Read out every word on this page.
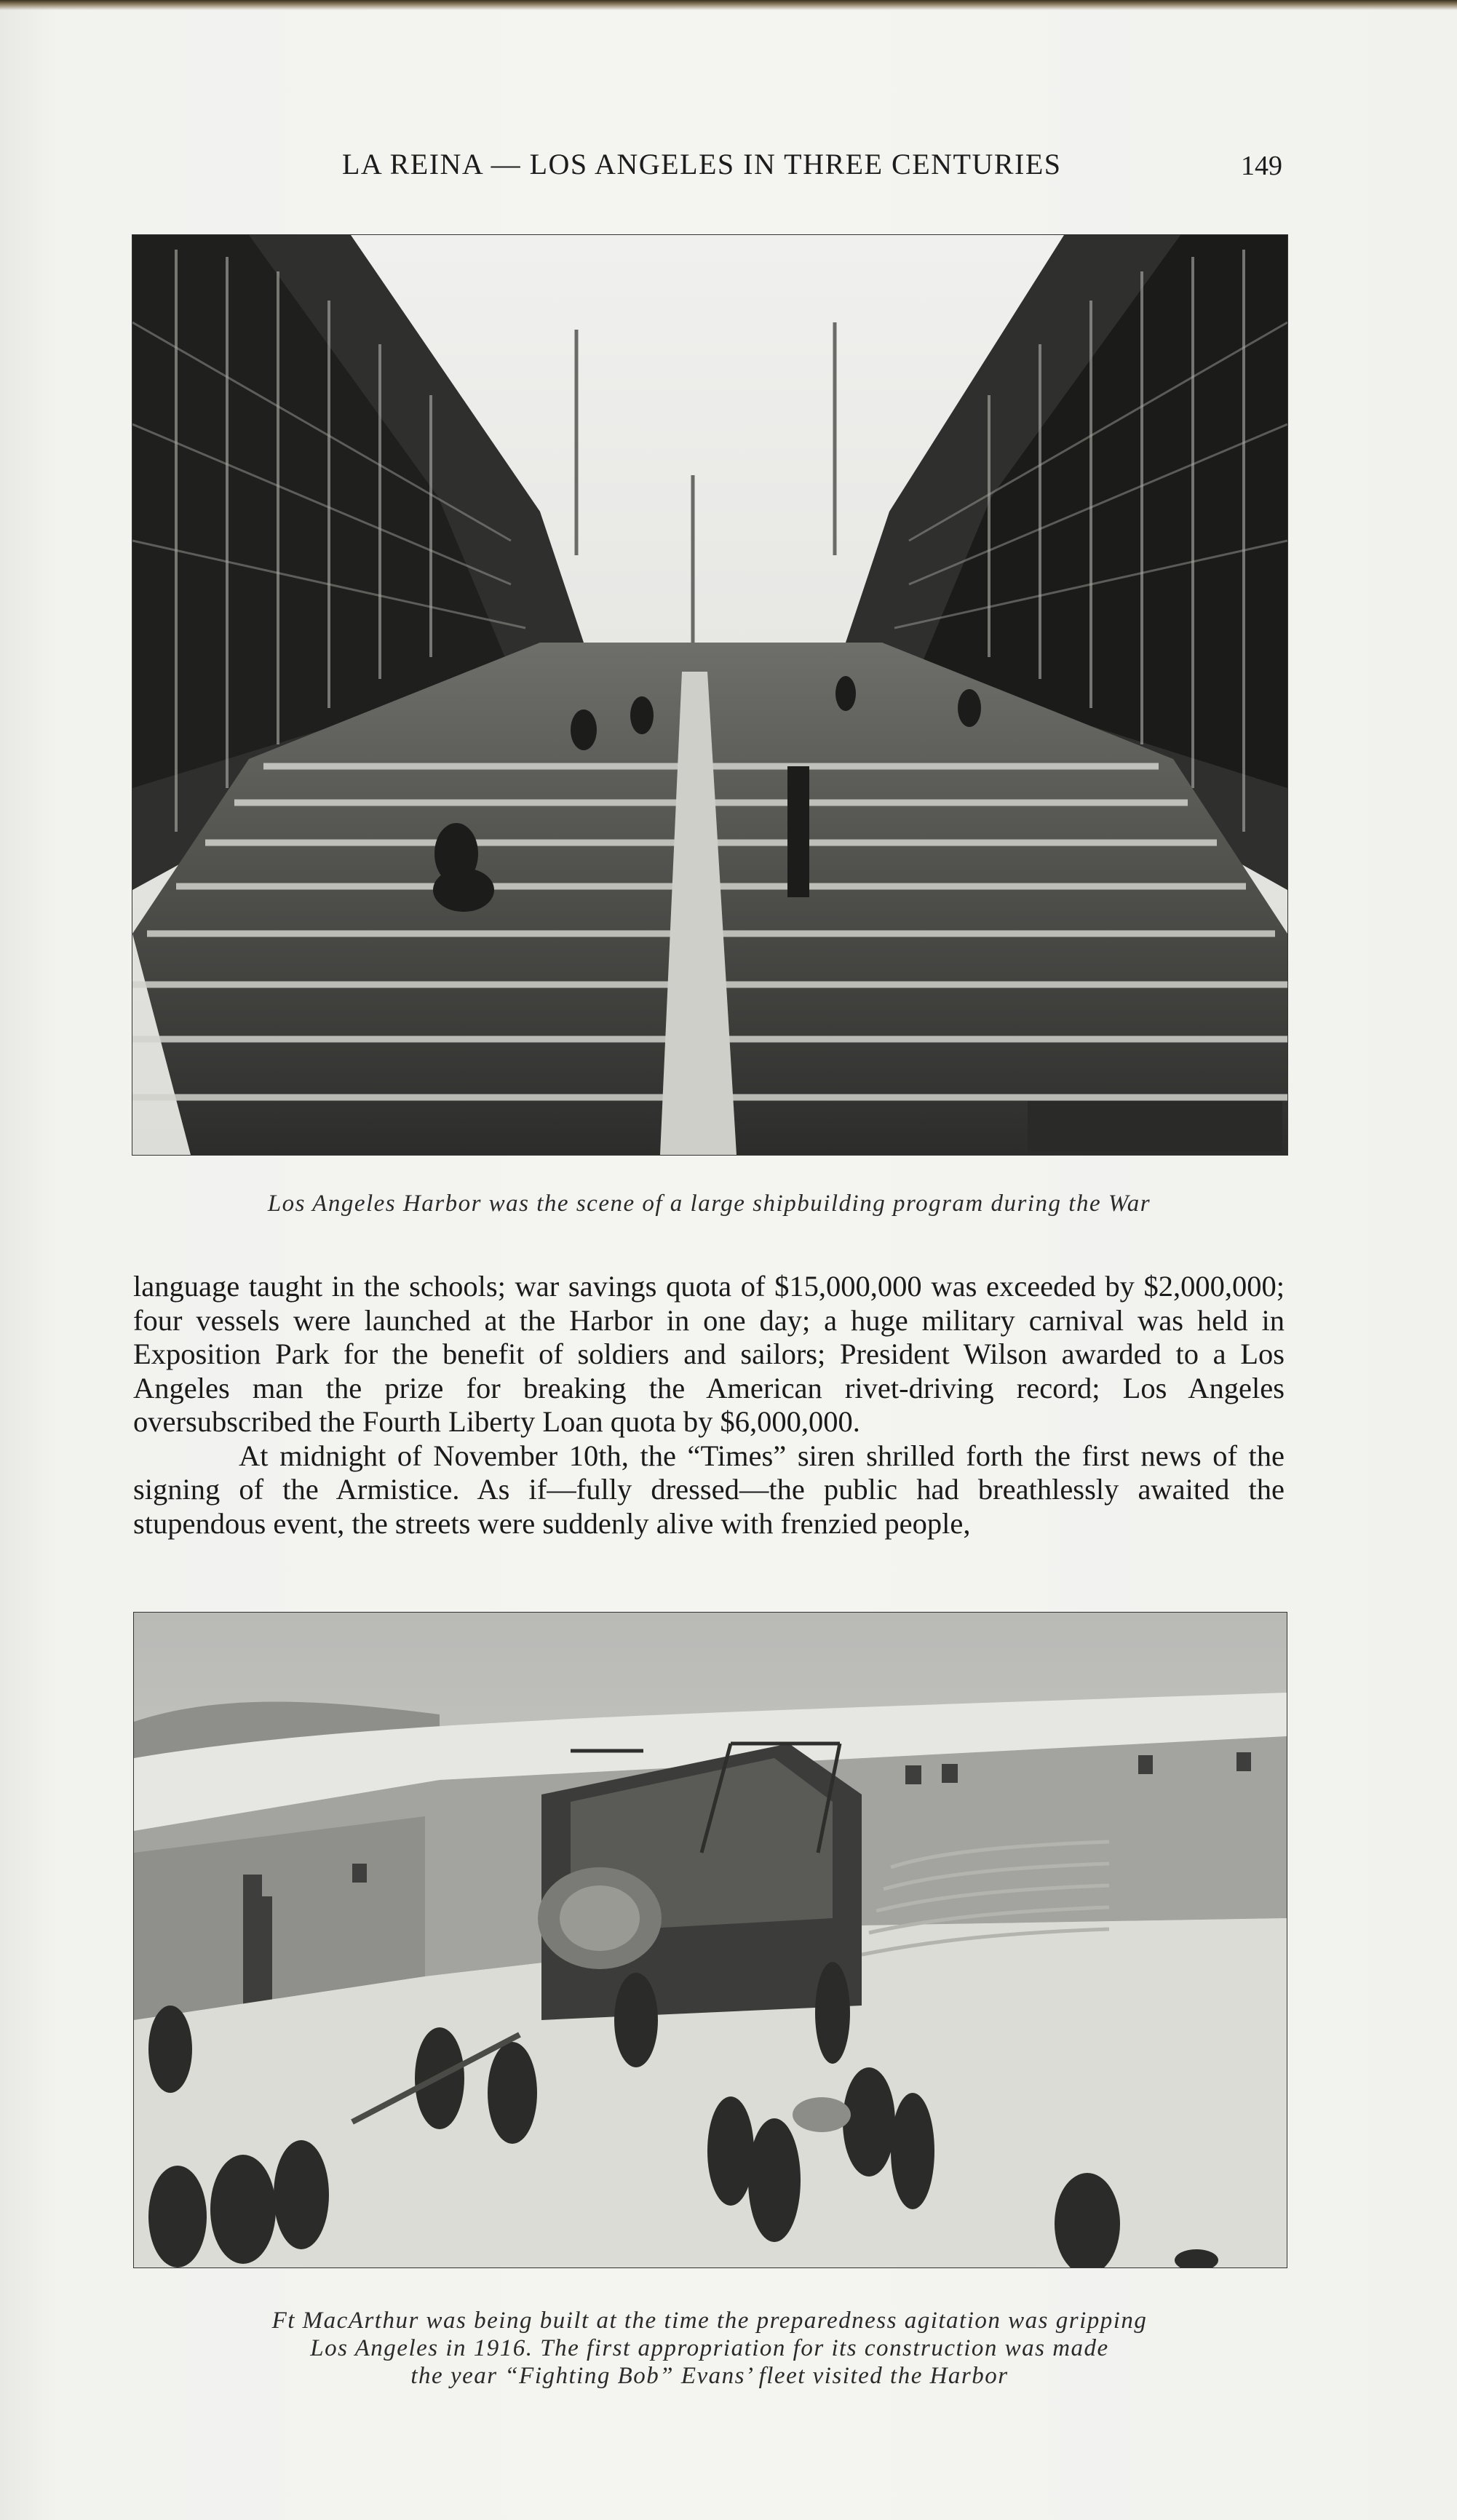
LA REINA — LOS ANGELES IN THREE CENTURIES	149
Los Angeles Harbor was the scene of a large shipbuilding program during the War

language taught in the schools; war savings quota of $15,000,000 was exceeded by $2,000,000; four vessels were launched at the Harbor in one day; a huge military carnival was held in Exposition Park for the benefit of soldiers and sailors; President Wilson awarded to a Los Angeles man the prize for breaking the American rivet-driving record; Los Angeles oversubscribed the Fourth Liberty Loan quota by $6,000,000.

At midnight of November 10th, the “Times” siren shrilled forth the first news of the signing of the Armistice. As if—fully dressed—the public had breathlessly awaited the stupendous event, the streets were suddenly alive with frenzied people,

Ft MacArthur was being built at the time the preparedness agitation was gripping
Los Angeles in 1916. The first appropriation for its construction was made
the year “Fighting Bob” Evans’ fleet visited the Harbor
